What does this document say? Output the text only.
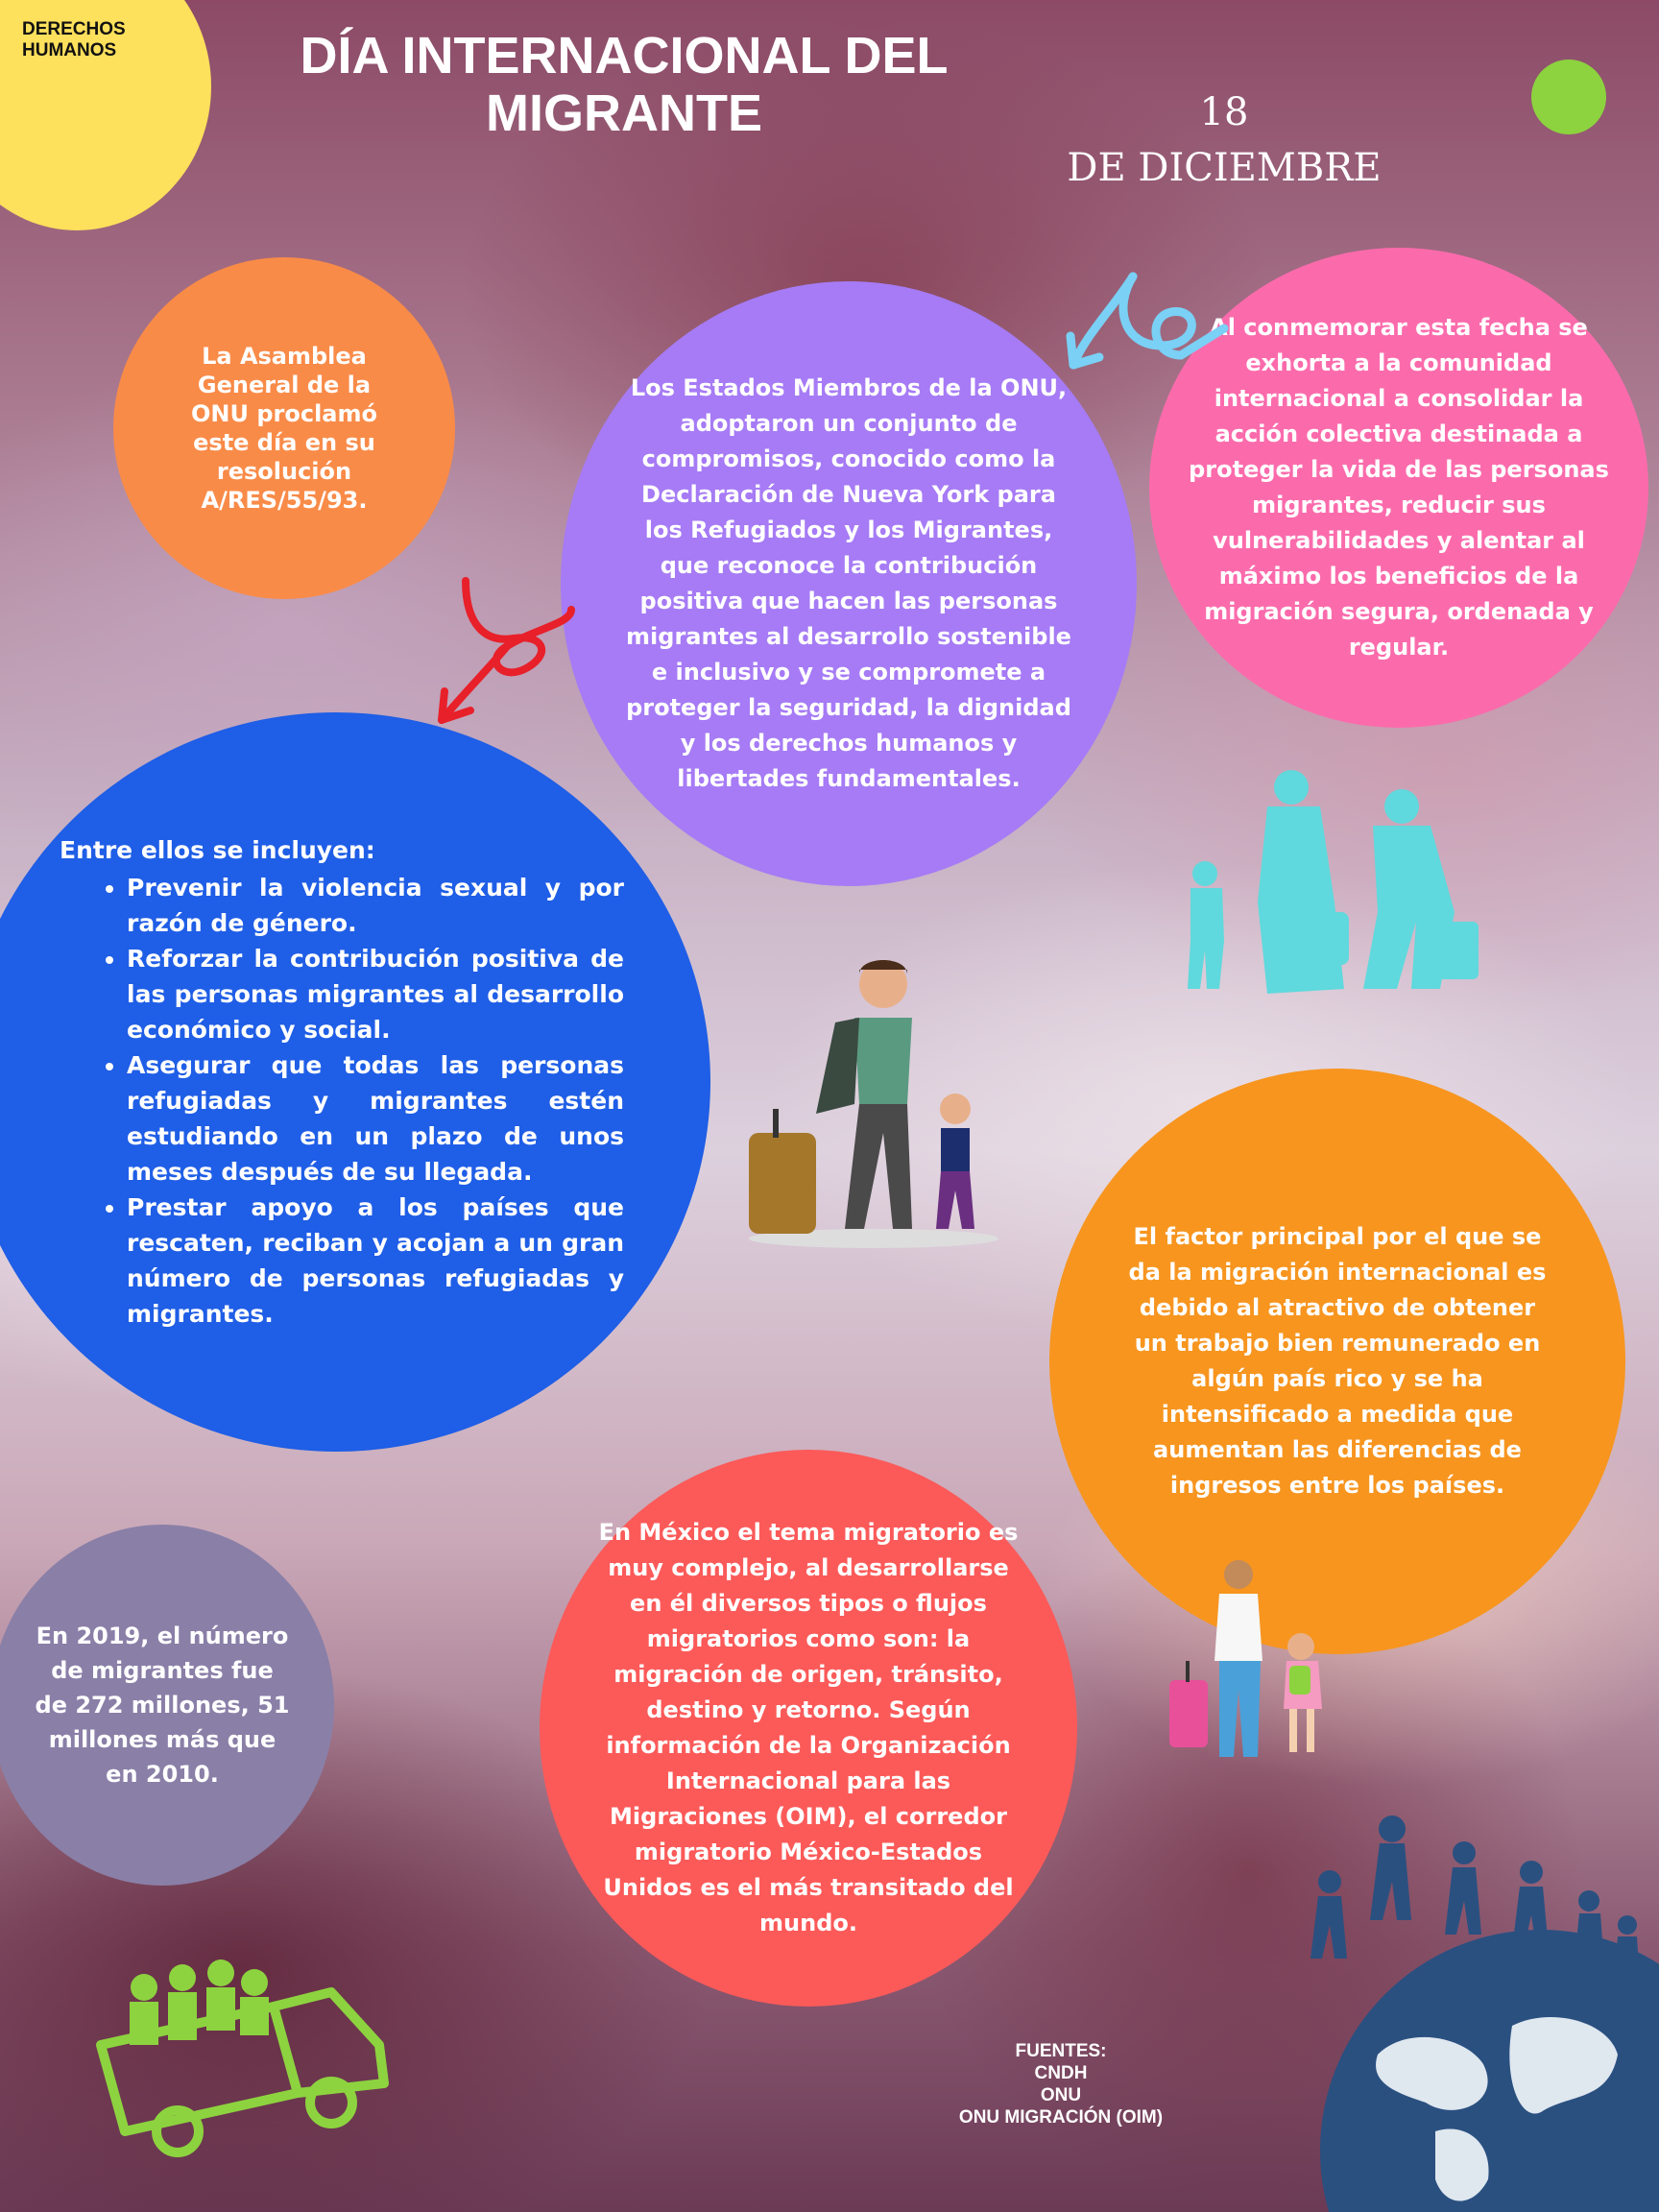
DERECHOS
HUMANOS	DÍA INTERNACIONAL DEL
MIGRANTE	18
DE DICIEMBRE

La Asamblea General de la ONU proclamó este día en su resolución A/RES/55/93.

Los Estados Miembros de la ONU, adoptaron un conjunto de compromisos, conocido como la Declaración de Nueva York para los Refugiados y los Migrantes, que reconoce la contribución positiva que hacen las personas migrantes al desarrollo sostenible e inclusivo y se compromete a proteger la seguridad, la dignidad y los derechos humanos y libertades fundamentales.

Al conmemorar esta fecha se exhorta a la comunidad internacional a consolidar la acción colectiva destinada a proteger la vida de las personas migrantes, reducir sus vulnerabilidades y alentar al máximo los beneficios de la migración segura, ordenada y regular.

Entre ellos se incluyen:
• Prevenir la violencia sexual y por razón de género.
• Reforzar la contribución positiva de las personas migrantes al desarrollo económico y social.
• Asegurar que todas las personas refugiadas y migrantes estén estudiando en un plazo de unos meses después de su llegada.
• Prestar apoyo a los países que rescaten, reciban y acojan a un gran número de personas refugiadas y migrantes.

El factor principal por el que se da la migración internacional es debido al atractivo de obtener un trabajo bien remunerado en algún país rico y se ha intensificado a medida que aumentan las diferencias de ingresos entre los países.

En México el tema migratorio es muy complejo, al desarrollarse en él diversos tipos o flujos migratorios como son: la migración de origen, tránsito, destino y retorno. Según información de la Organización Internacional para las Migraciones (OIM), el corredor migratorio México-Estados Unidos es el más transitado del mundo.

En 2019, el número de migrantes fue de 272 millones, 51 millones más que en 2010.

FUENTES:
CNDH
ONU
ONU MIGRACIÓN (OIM)
